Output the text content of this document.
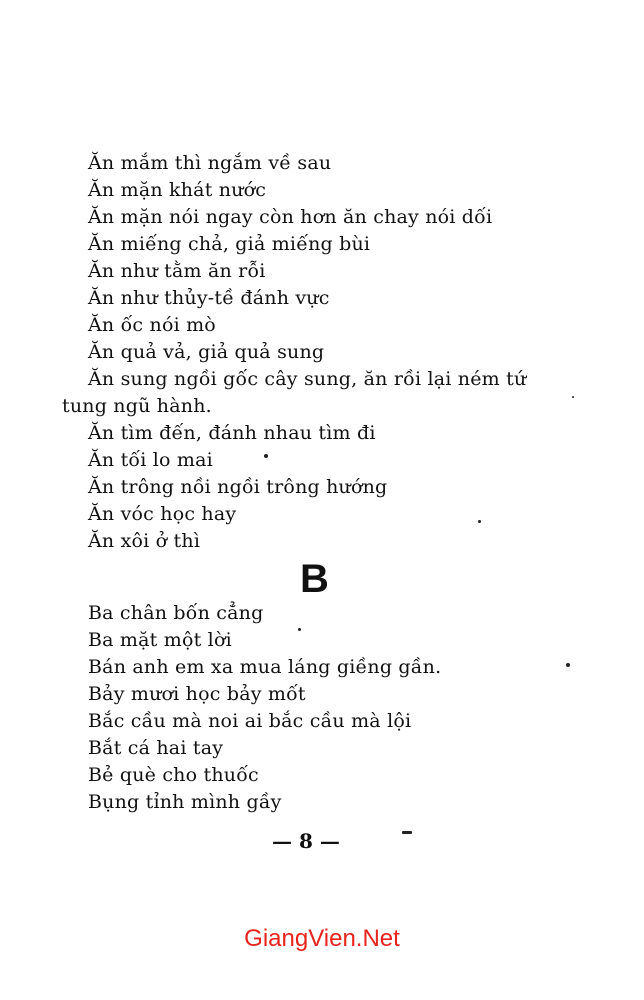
Ăn mắm thì ngắm về sau
Ăn mặn khát nước
Ăn mặn nói ngay còn hơn ăn chay nói dối
Ăn miếng chả, giả miếng bùi
Ăn như tằm ăn rỗi
Ăn như thủy-tề đánh vực
Ăn ốc nói mò
Ăn quả vả, giả quả sung
Ăn sung ngồi gốc cây sung, ăn rồi lại ném tứ
tung ngũ hành.
Ăn tìm đến, đánh nhau tìm đi
Ăn tối lo mai
Ăn trông nồi ngồi trông hướng
Ăn vóc học hay
Ăn xôi ở thì
B
Ba chân bốn cẳng
Ba mặt một lời
Bán anh em xa mua láng giềng gần.
Bảy mươi học bảy mốt
Bắc cầu mà noi ai bắc cầu mà lội
Bắt cá hai tay
Bẻ què cho thuốc
Bụng tỉnh mình gầy
— 8 —
GiangVien.Net
